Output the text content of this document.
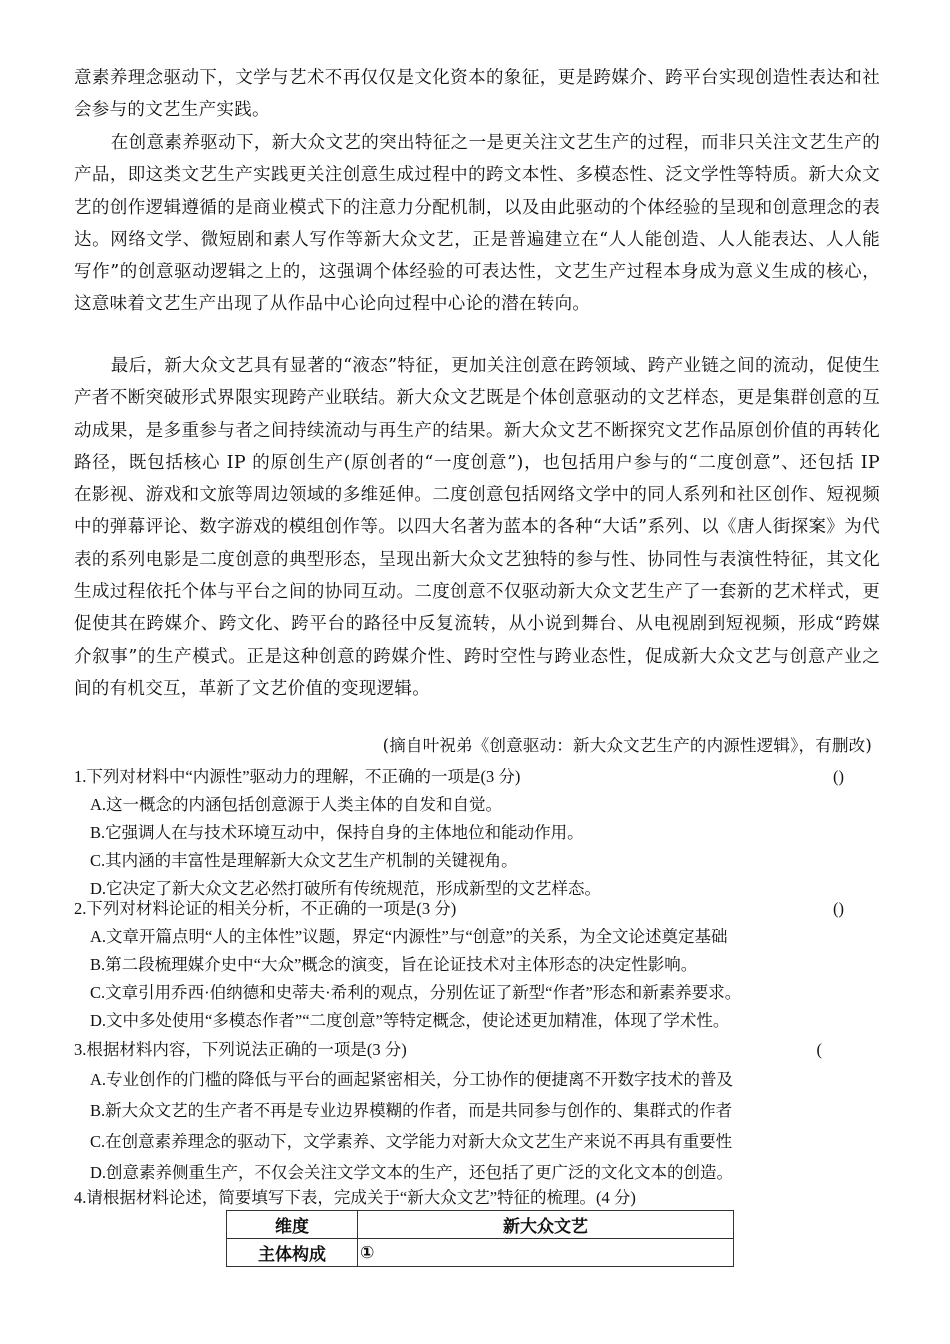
意素养理念驱动下，文学与艺术不再仅仅是文化资本的象征，更是跨媒介、跨平台实现创造性表达和社会参与的文艺生产实践。
在创意素养驱动下，新大众文艺的突出特征之一是更关注文艺生产的过程，而非只关注文艺生产的产品，即这类文艺生产实践更关注创意生成过程中的跨文本性、多模态性、泛文学性等特质。新大众文艺的创作逻辑遵循的是商业模式下的注意力分配机制，以及由此驱动的个体经验的呈现和创意理念的表达。网络文学、微短剧和素人写作等新大众文艺，正是普遍建立在“人人能创造、人人能表达、人人能写作”的创意驱动逻辑之上的，这强调个体经验的可表达性，文艺生产过程本身成为意义生成的核心，这意味着文艺生产出现了从作品中心论向过程中心论的潜在转向。
最后，新大众文艺具有显著的“液态”特征，更加关注创意在跨领域、跨产业链之间的流动，促使生产者不断突破形式界限实现跨产业联结。新大众文艺既是个体创意驱动的文艺样态，更是集群创意的互动成果，是多重参与者之间持续流动与再生产的结果。新大众文艺不断探究文艺作品原创价值的再转化路径，既包括核心 IP 的原创生产(原创者的“一度创意”)，也包括用户参与的“二度创意”、还包括 IP 在影视、游戏和文旅等周边领域的多维延伸。二度创意包括网络文学中的同人系列和社区创作、短视频中的弹幕评论、数字游戏的模组创作等。以四大名著为蓝本的各种“大话”系列、以《唐人街探案》为代表的系列电影是二度创意的典型形态，呈现出新大众文艺独特的参与性、协同性与表演性特征，其文化生成过程依托个体与平台之间的协同互动。二度创意不仅驱动新大众文艺生产了一套新的艺术样式，更促使其在跨媒介、跨文化、跨平台的路径中反复流转，从小说到舞台、从电视剧到短视频，形成“跨媒介叙事”的生产模式。正是这种创意的跨媒介性、跨时空性与跨业态性，促成新大众文艺与创意产业之间的有机交互，革新了文艺价值的变现逻辑。
(摘自叶祝弟《创意驱动：新大众文艺生产的内源性逻辑》，有删改)
1.下列对材料中“内源性”驱动力的理解，不正确的一项是(3 分)	()
A.这一概念的内涵包括创意源于人类主体的自发和自觉。
B.它强调人在与技术环境互动中，保持自身的主体地位和能动作用。
C.其内涵的丰富性是理解新大众文艺生产机制的关键视角。
D.它决定了新大众文艺必然打破所有传统规范，形成新型的文艺样态。
2.下列对材料论证的相关分析，不正确的一项是(3 分)	()
A.文章开篇点明“人的主体性”议题，界定“内源性”与“创意”的关系，为全文论述奠定基础
B.第二段梳理媒介史中“大众”概念的演变，旨在论证技术对主体形态的决定性影响。
C.文章引用乔西·伯纳德和史蒂夫·希利的观点，分别佐证了新型“作者”形态和新素养要求。
D.文中多处使用“多模态作者”“二度创意”等特定概念，使论述更加精准，体现了学术性。
3.根据材料内容，下列说法正确的一项是(3 分)	(
A.专业创作的门槛的降低与平台的画起紧密相关，分工协作的便捷离不开数字技术的普及
B.新大众文艺的生产者不再是专业边界模糊的作者，而是共同参与创作的、集群式的作者
C.在创意素养理念的驱动下，文学素养、文学能力对新大众文艺生产来说不再具有重要性
D.创意素养侧重生产，不仅会关注文学文本的生产，还包括了更广泛的文化文本的创造。
4.请根据材料论述，简要填写下表，完成关于“新大众文艺”特征的梳理。(4 分)
维度	新大众文艺
主体构成	①
